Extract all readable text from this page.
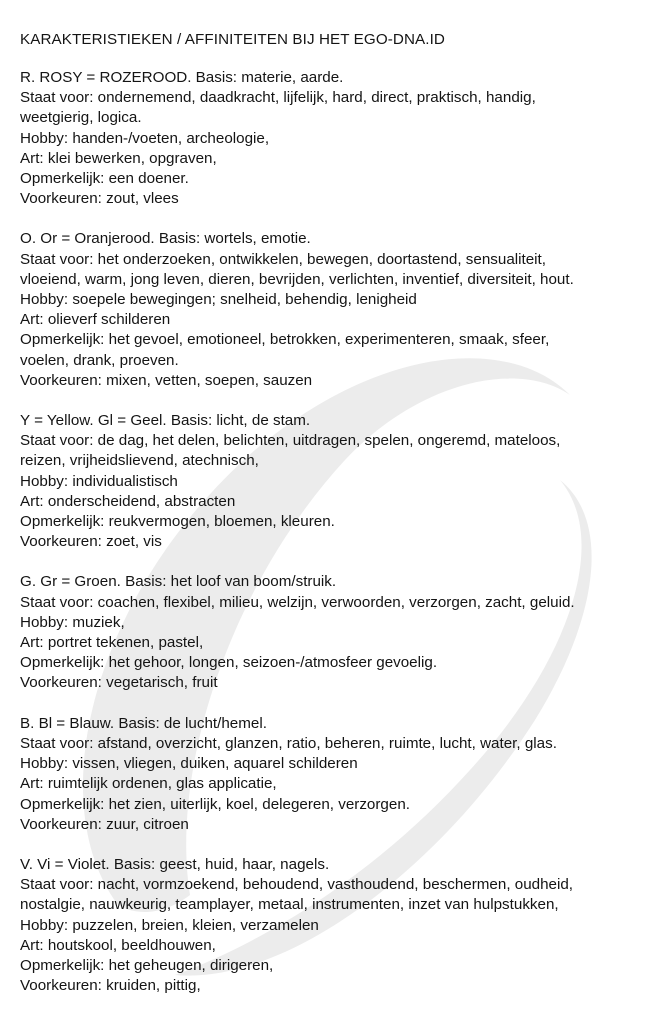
KARAKTERISTIEKEN / AFFINITEITEN BIJ HET EGO-DNA.ID
R. ROSY = ROZEROOD. Basis: materie, aarde.
Staat voor: ondernemend, daadkracht, lijfelijk, hard, direct, praktisch, handig,
weetgierig, logica.
Hobby: handen-/voeten, archeologie,
Art: klei bewerken, opgraven,
Opmerkelijk: een doener.
Voorkeuren: zout, vlees
O. Or = Oranjerood. Basis: wortels, emotie.
Staat voor: het onderzoeken, ontwikkelen, bewegen, doortastend, sensualiteit,
vloeiend, warm, jong leven, dieren, bevrijden, verlichten, inventief, diversiteit, hout.
Hobby: soepele bewegingen; snelheid, behendig, lenigheid
Art: olieverf schilderen
Opmerkelijk: het gevoel, emotioneel, betrokken, experimenteren, smaak, sfeer,
voelen, drank, proeven.
Voorkeuren: mixen, vetten, soepen, sauzen
Y = Yellow. Gl = Geel. Basis: licht, de stam.
Staat voor: de dag, het delen, belichten, uitdragen, spelen, ongeremd, mateloos,
reizen, vrijheidslievend, atechnisch,
Hobby: individualistisch
Art: onderscheidend, abstracten
Opmerkelijk: reukvermogen, bloemen, kleuren.
Voorkeuren: zoet, vis
G. Gr = Groen. Basis: het loof van boom/struik.
Staat voor: coachen, flexibel, milieu, welzijn, verwoorden, verzorgen, zacht, geluid.
Hobby: muziek,
Art: portret tekenen, pastel,
Opmerkelijk: het gehoor, longen, seizoen-/atmosfeer gevoelig.
Voorkeuren: vegetarisch, fruit
B. Bl = Blauw. Basis: de lucht/hemel.
Staat voor: afstand, overzicht, glanzen, ratio, beheren, ruimte, lucht, water, glas.
Hobby: vissen, vliegen, duiken, aquarel schilderen
Art: ruimtelijk ordenen, glas applicatie,
Opmerkelijk: het zien, uiterlijk, koel, delegeren, verzorgen.
Voorkeuren: zuur, citroen
V. Vi = Violet. Basis: geest, huid, haar, nagels.
Staat voor: nacht, vormzoekend, behoudend, vasthoudend, beschermen, oudheid,
nostalgie, nauwkeurig, teamplayer, metaal, instrumenten, inzet van hulpstukken,
Hobby: puzzelen, breien, kleien, verzamelen
Art: houtskool, beeldhouwen,
Opmerkelijk: het geheugen, dirigeren,
Voorkeuren: kruiden, pittig,
